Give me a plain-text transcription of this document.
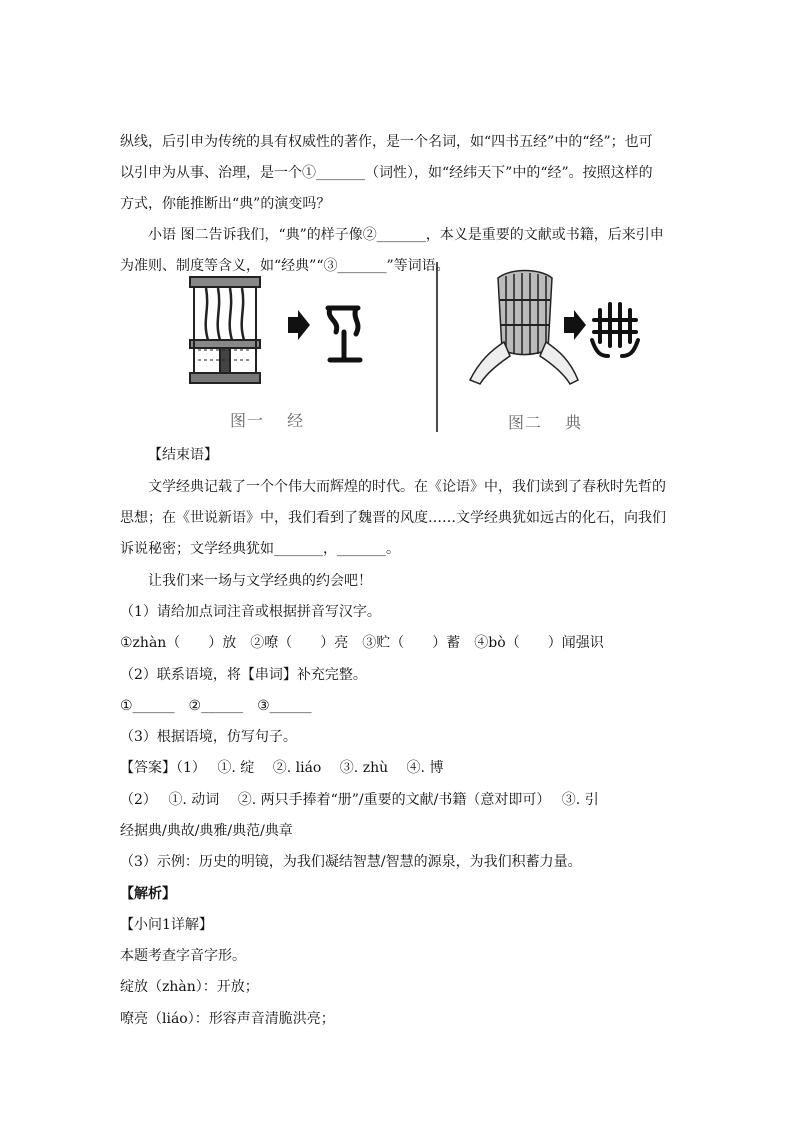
纵线，后引申为传统的具有权威性的著作，是一个名词，如“四书五经”中的“经”；也可
以引申为从事、治理，是一个①_______（词性），如“经纬天下”中的“经”。按照这样的
方式，你能推断出“典”的演变吗？
小语 图二告诉我们，“典”的样子像②_______，本义是重要的文献或书籍，后来引申
为准则、制度等含义，如“经典”“③_______”等词语。
图一　 经	图二　 典
【结束语】
文学经典记载了一个个伟大而辉煌的时代。在《论语》中，我们读到了春秋时先哲的
思想；在《世说新语》中，我们看到了魏晋的风度……文学经典犹如远古的化石，向我们
诉说秘密；文学经典犹如_______，_______。
让我们来一场与文学经典的约会吧！
（1）请给加点词注音或根据拼音写汉字。
①zhàn（　　）放　②嘹（　　）亮　③贮（　　）蓄　④bò（　　）闻强识
（2）联系语境，将【串词】补充完整。
①______　②______　③______
（3）根据语境，仿写句子。
【答案】（1）　 ①. 绽　 ②. liáo　 ③. zhù　 ④. 博
（2）　 ①. 动词　 ②. 两只手捧着“册”/重要的文献/书籍（意对即可）　 ③. 引
经据典/典故/典雅/典范/典章
（3）示例：历史的明镜，为我们凝结智慧/智慧的源泉，为我们积蓄力量。
【解析】
【小问1详解】
本题考查字音字形。
绽放（zhàn）：开放；
嘹亮（liáo）：形容声音清脆洪亮；
